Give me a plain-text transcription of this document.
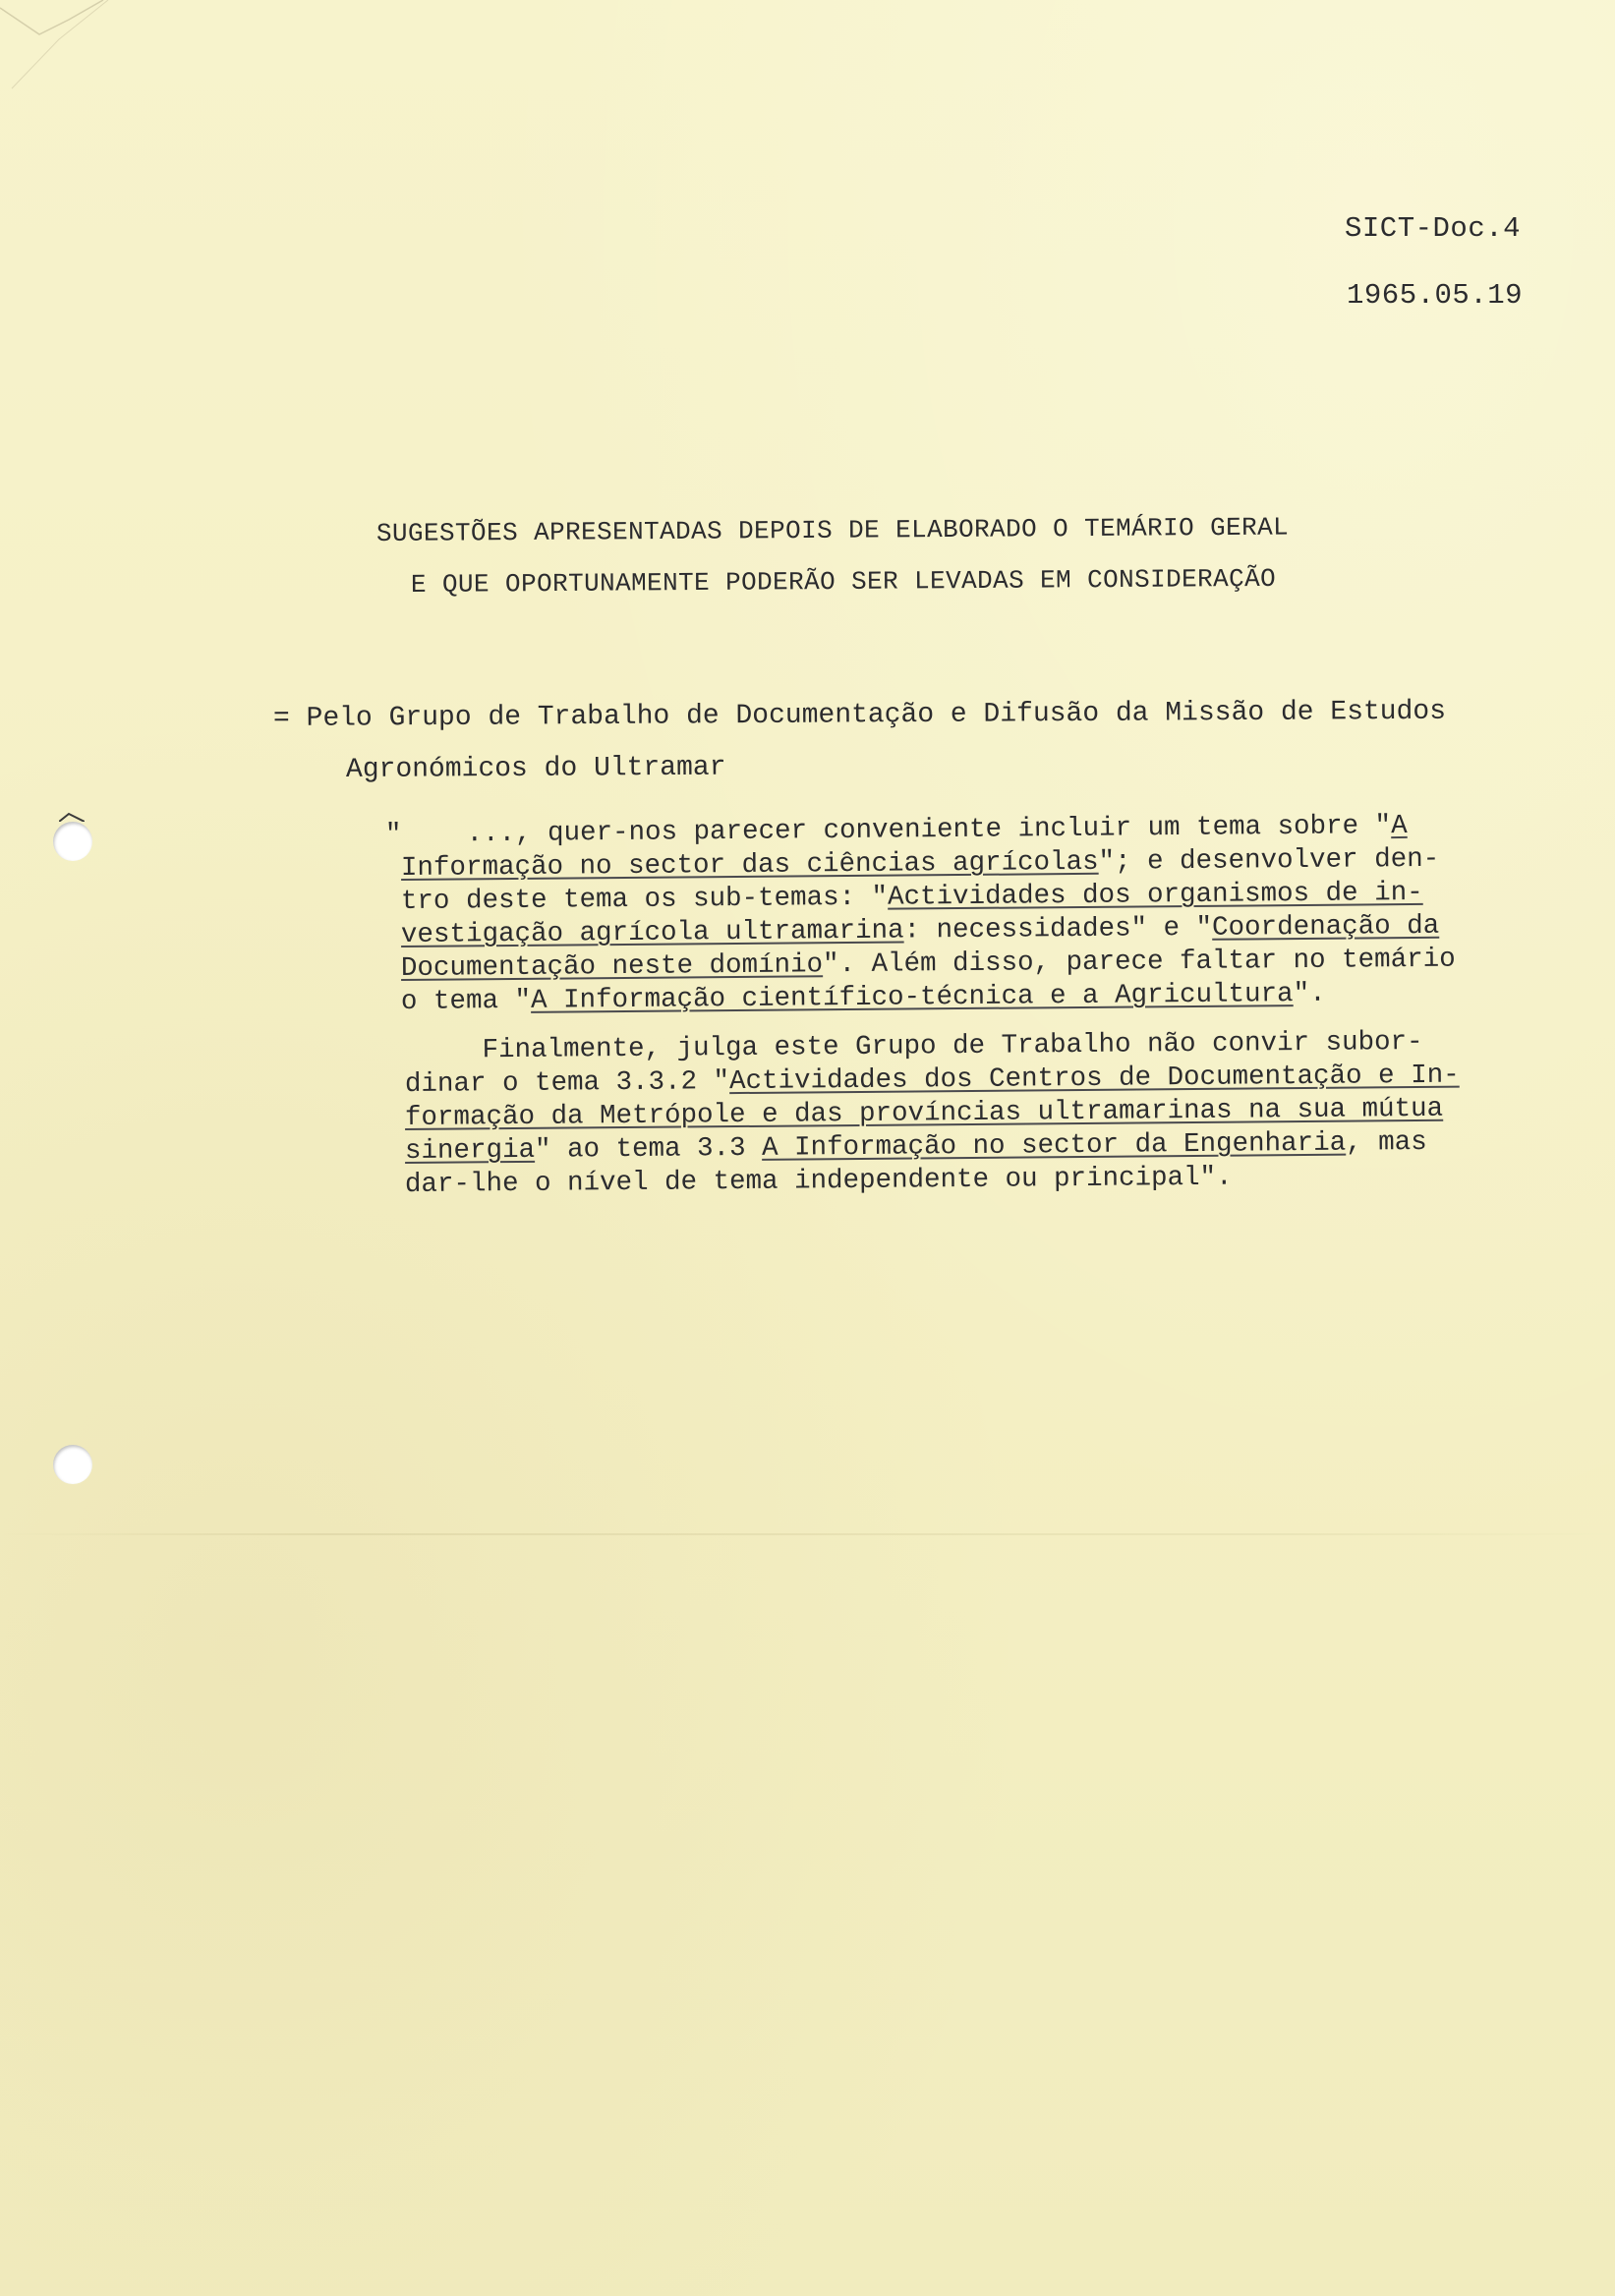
SICT-Doc.4
1965.05.19
SUGESTÕES APRESENTADAS DEPOIS DE ELABORADO O TEMÁRIO GERAL
E QUE OPORTUNAMENTE PODERÃO SER LEVADAS EM CONSIDERAÇÃO
= Pelo Grupo de Trabalho de Documentação e Difusão da Missão de Estudos
Agronómicos do Ultramar
"    ..., quer-nos parecer conveniente incluir um tema sobre "A
Informação no sector das ciências agrícolas"; e desenvolver den-
tro deste tema os sub-temas: "Actividades dos organismos de in-
vestigação agrícola ultramarina: necessidades" e "Coordenação da
Documentação neste domínio". Além disso, parece faltar no temário
o tema "A Informação científico-técnica e a Agricultura".
Finalmente, julga este Grupo de Trabalho não convir subor-
dinar o tema 3.3.2 "Actividades dos Centros de Documentação e In-
formação da Metrópole e das províncias ultramarinas na sua mútua
sinergia" ao tema 3.3 A Informação no sector da Engenharia, mas
dar-lhe o nível de tema independente ou principal".
